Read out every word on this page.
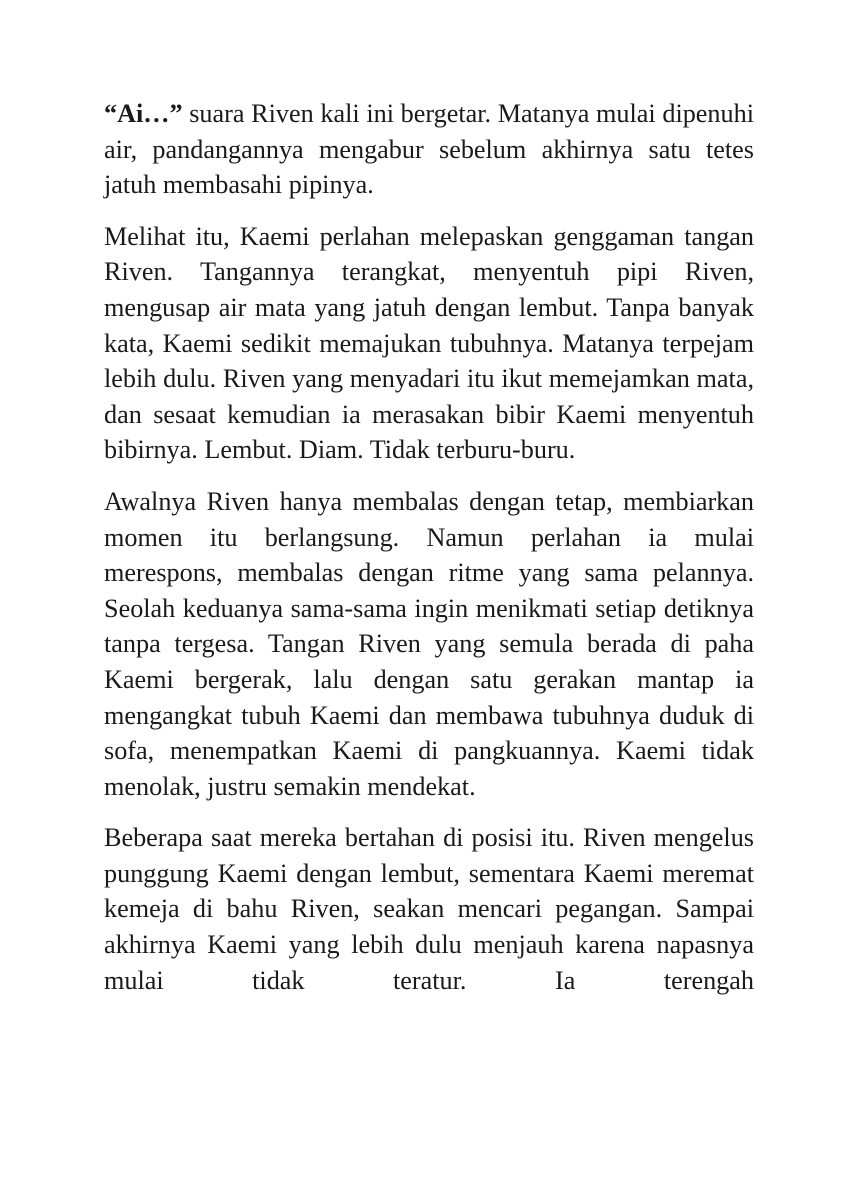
“Ai…” suara Riven kali ini bergetar. Matanya mulai dipenuhi air, pandangannya mengabur sebelum akhirnya satu tetes jatuh membasahi pipinya.

Melihat itu, Kaemi perlahan melepaskan genggaman tangan Riven. Tangannya terangkat, menyentuh pipi Riven, mengusap air mata yang jatuh dengan lembut. Tanpa banyak kata, Kaemi sedikit memajukan tubuhnya. Matanya terpejam lebih dulu. Riven yang menyadari itu ikut memejamkan mata, dan sesaat kemudian ia merasakan bibir Kaemi menyentuh bibirnya. Lembut. Diam. Tidak terburu-buru.

Awalnya Riven hanya membalas dengan tetap, membiarkan momen itu berlangsung. Namun perlahan ia mulai merespons, membalas dengan ritme yang sama pelannya. Seolah keduanya sama-sama ingin menikmati setiap detiknya tanpa tergesa. Tangan Riven yang semula berada di paha Kaemi bergerak, lalu dengan satu gerakan mantap ia mengangkat tubuh Kaemi dan membawa tubuhnya duduk di sofa, menempatkan Kaemi di pangkuannya. Kaemi tidak menolak, justru semakin mendekat.

Beberapa saat mereka bertahan di posisi itu. Riven mengelus punggung Kaemi dengan lembut, sementara Kaemi meremat kemeja di bahu Riven, seakan mencari pegangan. Sampai akhirnya Kaemi yang lebih dulu menjauh karena napasnya mulai tidak teratur. Ia terengah
